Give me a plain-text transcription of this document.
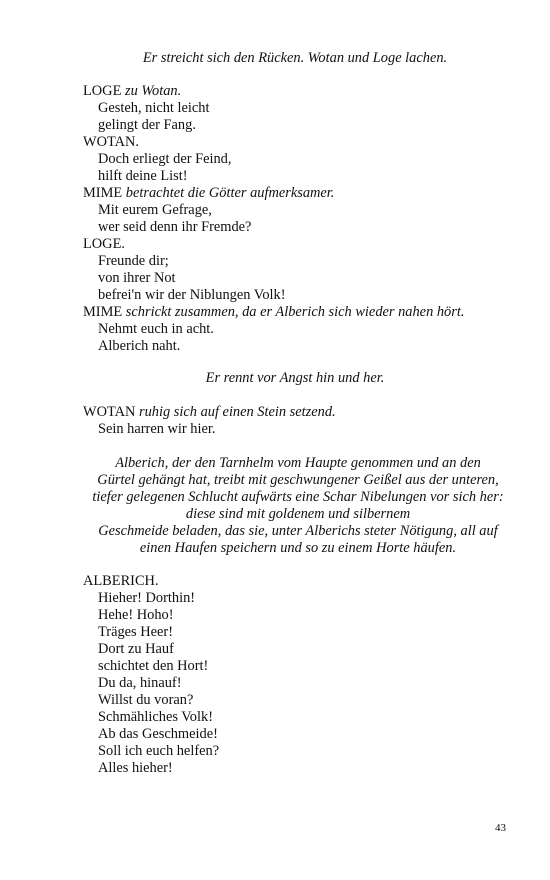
Er streicht sich den Rücken. Wotan und Loge lachen.
LOGE zu Wotan.
Gesteh, nicht leicht
gelingt der Fang.
WOTAN.
Doch erliegt der Feind,
hilft deine List!
MIME betrachtet die Götter aufmerksamer.
Mit eurem Gefrage,
wer seid denn ihr Fremde?
LOGE.
Freunde dir;
von ihrer Not
befrei'n wir der Niblungen Volk!
MIME schrickt zusammen, da er Alberich sich wieder nahen hört.
Nehmt euch in acht.
Alberich naht.
Er rennt vor Angst hin und her.
WOTAN ruhig sich auf einen Stein setzend.
Sein harren wir hier.
Alberich, der den Tarnhelm vom Haupte genommen und an den
Gürtel gehängt hat, treibt mit geschwungener Geißel aus der unteren,
tiefer gelegenen Schlucht aufwärts eine Schar Nibelungen vor sich her:
diese sind mit goldenem und silbernem
Geschmeide beladen, das sie, unter Alberichs steter Nötigung, all auf
einen Haufen speichern und so zu einem Horte häufen.
ALBERICH.
Hieher! Dorthin!
Hehe! Hoho!
Träges Heer!
Dort zu Hauf
schichtet den Hort!
Du da, hinauf!
Willst du voran?
Schmähliches Volk!
Ab das Geschmeide!
Soll ich euch helfen?
Alles hieher!
43
